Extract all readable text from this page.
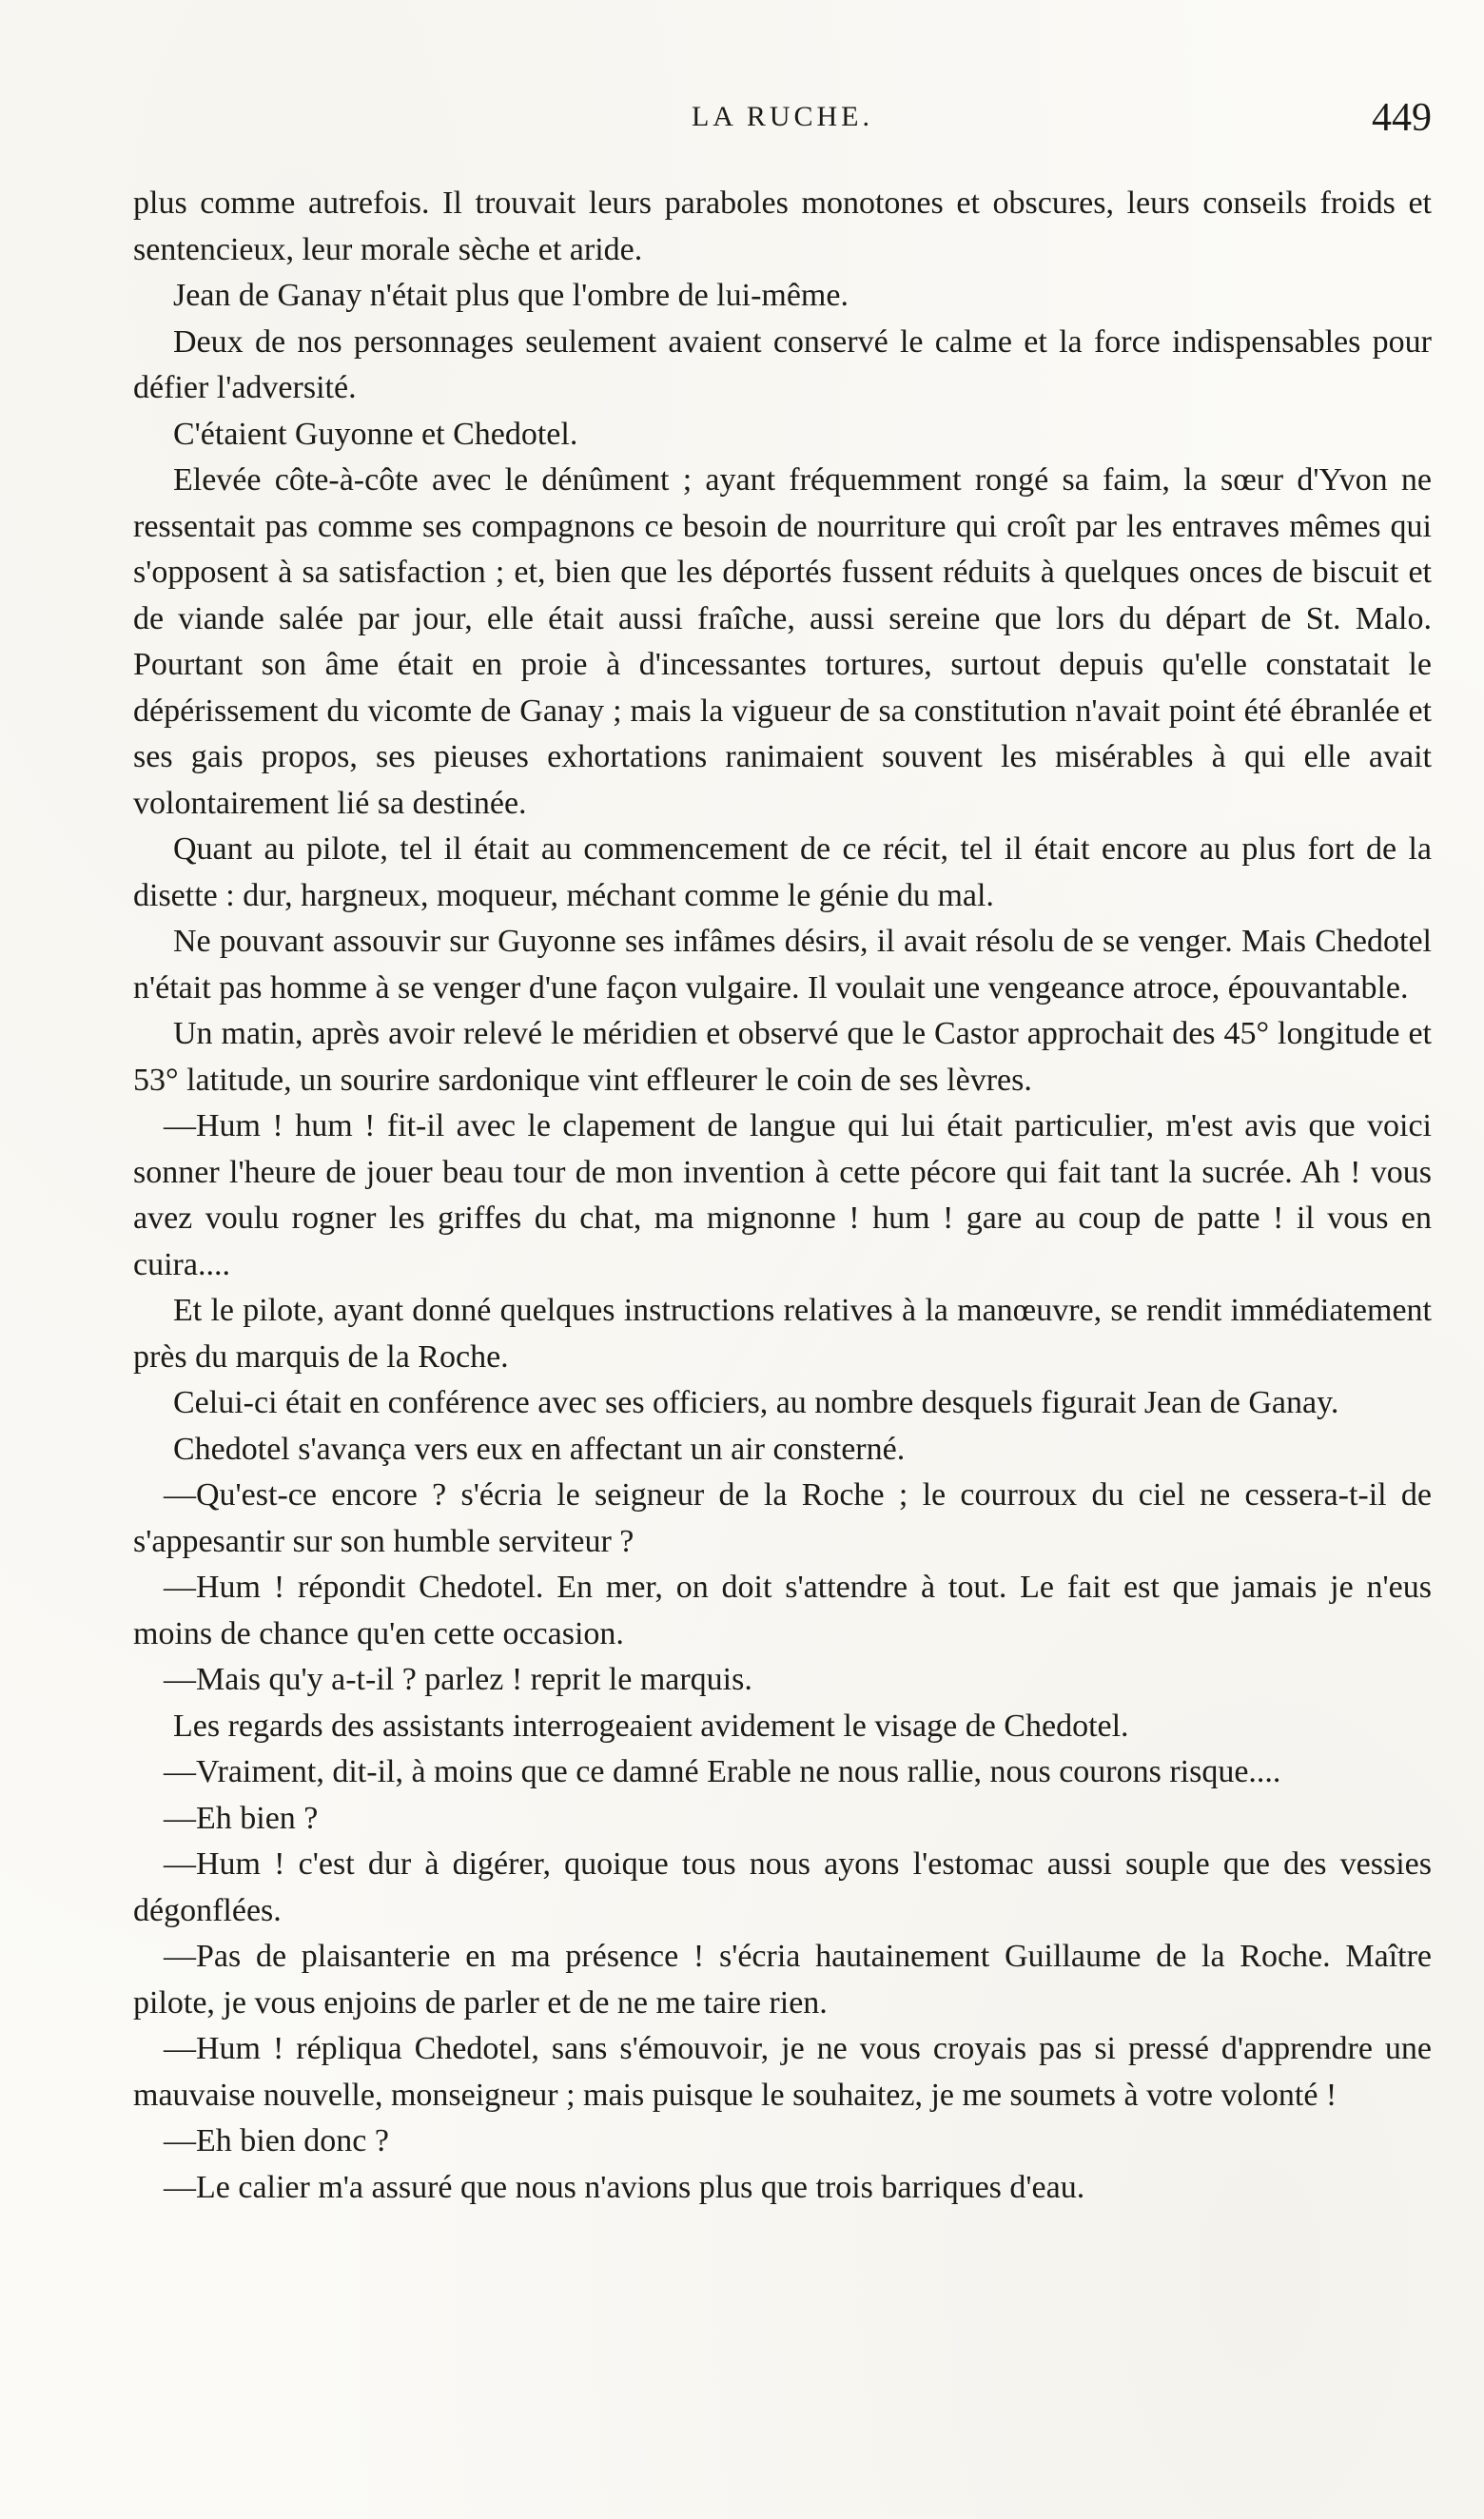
LA RUCHE.	449

plus comme autrefois. Il trouvait leurs paraboles monotones et obscures, leurs conseils froids et sentencieux, leur morale sèche et aride.

Jean de Ganay n'était plus que l'ombre de lui-même.

Deux de nos personnages seulement avaient conservé le calme et la force indispensables pour défier l'adversité.

C'étaient Guyonne et Chedotel.

Elevée côte-à-côte avec le dénûment ; ayant fréquemment rongé sa faim, la sœur d'Yvon ne ressentait pas comme ses compagnons ce besoin de nourriture qui croît par les entraves mêmes qui s'opposent à sa satisfaction ; et, bien que les déportés fussent réduits à quelques onces de biscuit et de viande salée par jour, elle était aussi fraîche, aussi sereine que lors du départ de St. Malo. Pourtant son âme était en proie à d'incessantes tortures, surtout depuis qu'elle constatait le dépérissement du vicomte de Ganay ; mais la vigueur de sa constitution n'avait point été ébranlée et ses gais propos, ses pieuses exhortations ranimaient souvent les misérables à qui elle avait volontairement lié sa destinée.

Quant au pilote, tel il était au commencement de ce récit, tel il était encore au plus fort de la disette : dur, hargneux, moqueur, méchant comme le génie du mal.

Ne pouvant assouvir sur Guyonne ses infâmes désirs, il avait résolu de se venger. Mais Chedotel n'était pas homme à se venger d'une façon vulgaire. Il voulait une vengeance atroce, épouvantable.

Un matin, après avoir relevé le méridien et observé que le Castor approchait des 45° longitude et 53° latitude, un sourire sardonique vint effleurer le coin de ses lèvres.

—Hum ! hum ! fit-il avec le clapement de langue qui lui était particulier, m'est avis que voici sonner l'heure de jouer beau tour de mon invention à cette pécore qui fait tant la sucrée. Ah ! vous avez voulu rogner les griffes du chat, ma mignonne ! hum ! gare au coup de patte ! il vous en cuira....

Et le pilote, ayant donné quelques instructions relatives à la manœuvre, se rendit immédiatement près du marquis de la Roche.

Celui-ci était en conférence avec ses officiers, au nombre desquels figurait Jean de Ganay.

Chedotel s'avança vers eux en affectant un air consterné.

—Qu'est-ce encore ? s'écria le seigneur de la Roche ; le courroux du ciel ne cessera-t-il de s'appesantir sur son humble serviteur ?

—Hum ! répondit Chedotel. En mer, on doit s'attendre à tout. Le fait est que jamais je n'eus moins de chance qu'en cette occasion.

—Mais qu'y a-t-il ? parlez ! reprit le marquis.

Les regards des assistants interrogeaient avidement le visage de Chedotel.

—Vraiment, dit-il, à moins que ce damné Erable ne nous rallie, nous courons risque....

—Eh bien ?

—Hum ! c'est dur à digérer, quoique tous nous ayons l'estomac aussi souple que des vessies dégonflées.

—Pas de plaisanterie en ma présence ! s'écria hautainement Guillaume de la Roche. Maître pilote, je vous enjoins de parler et de ne me taire rien.

—Hum ! répliqua Chedotel, sans s'émouvoir, je ne vous croyais pas si pressé d'apprendre une mauvaise nouvelle, monseigneur ; mais puisque le souhaitez, je me soumets à votre volonté !

—Eh bien donc ?

—Le calier m'a assuré que nous n'avions plus que trois barriques d'eau.
